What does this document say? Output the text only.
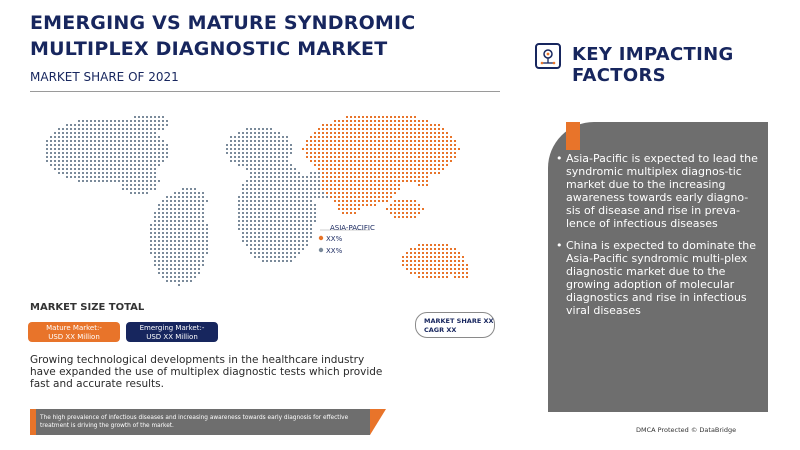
EMERGING VS MATURE SYNDROMIC
MULTIPLEX DIAGNOSTIC MARKET
MARKET SHARE OF 2021
ASIA-PACIFIC
XX%
XX%
MARKET SIZE TOTAL
Mature Market:-
USD XX Million
Emerging Market:-
USD XX Million
MARKET SHARE XX
CAGR XX
Growing technological developments in the healthcare industry have expanded the use of multiplex diagnostic tests which provide fast and accurate results.
The high prevalence of infectious diseases and increasing awareness towards early diagnosis for effective treatment is driving the growth of the market.
KEY IMPACTING
FACTORS
• Asia-Pacific is expected to lead the syndromic multiplex diagnos-tic market due to the increasing awareness towards early diagno-sis of disease and rise in preva-lence of infectious diseases
• China is expected to dominate the Asia-Pacific syndromic multi-plex diagnostic market due to the growing adoption of molecular diagnostics and rise in infectious viral diseases
DMCA Protected © DataBridge
